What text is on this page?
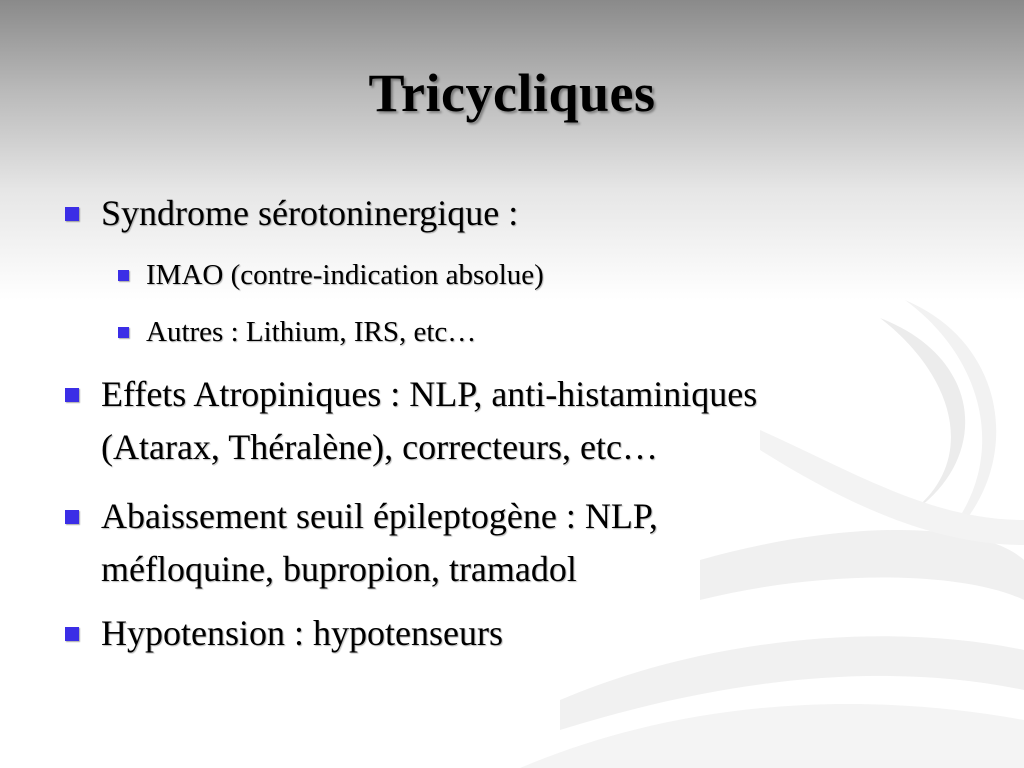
Tricycliques
Syndrome sérotoninergique :
IMAO (contre-indication absolue)
Autres : Lithium, IRS, etc…
Effets Atropiniques : NLP, anti-histaminiques
(Atarax, Théralène), correcteurs, etc…
Abaissement seuil épileptogène : NLP,
méfloquine, bupropion, tramadol
Hypotension : hypotenseurs
